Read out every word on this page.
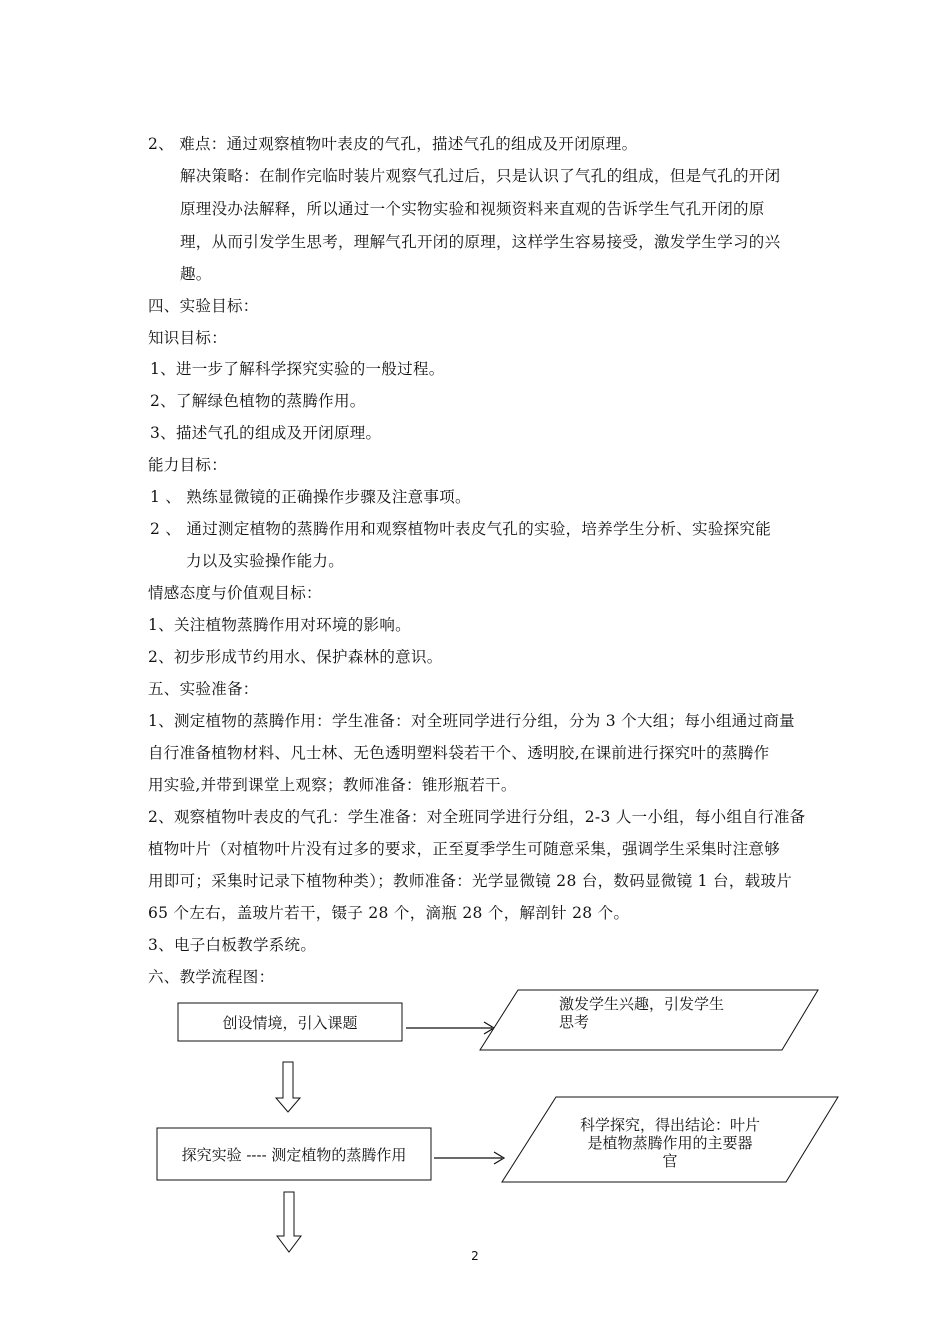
2、 难点：通过观察植物叶表皮的气孔，描述气孔的组成及开闭原理。
解决策略：在制作完临时装片观察气孔过后，只是认识了气孔的组成，但是气孔的开闭
原理没办法解释，所以通过一个实物实验和视频资料来直观的告诉学生气孔开闭的原
理，从而引发学生思考，理解气孔开闭的原理，这样学生容易接受，激发学生学习的兴
趣。
四、实验目标：
知识目标：
1、进一步了解科学探究实验的一般过程。
2、了解绿色植物的蒸腾作用。
3、描述气孔的组成及开闭原理。
能力目标：
1 、 熟练显微镜的正确操作步骤及注意事项。
2 、 通过测定植物的蒸腾作用和观察植物叶表皮气孔的实验，培养学生分析、实验探究能
力以及实验操作能力。
情感态度与价值观目标：
1、关注植物蒸腾作用对环境的影响。
2、初步形成节约用水、保护森林的意识。
五、实验准备：
1、测定植物的蒸腾作用：学生准备：对全班同学进行分组，分为 3 个大组；每小组通过商量
自行准备植物材料、凡士林、无色透明塑料袋若干个、透明胶,在课前进行探究叶的蒸腾作
用实验,并带到课堂上观察；教师准备：锥形瓶若干。
2、观察植物叶表皮的气孔：学生准备：对全班同学进行分组，2-3 人一小组，每小组自行准备
植物叶片（对植物叶片没有过多的要求，正至夏季学生可随意采集，强调学生采集时注意够
用即可；采集时记录下植物种类）；教师准备：光学显微镜 28 台，数码显微镜 1 台，载玻片
65 个左右，盖玻片若干，镊子 28 个，滴瓶 28 个，解剖针 28 个。
3、电子白板教学系统。
六、教学流程图：
创设情境，引入课题
激发学生兴趣，引发学生
思考
探究实验 ---- 测定植物的蒸腾作用
科学探究，得出结论：叶片
是植物蒸腾作用的主要器
官
2
